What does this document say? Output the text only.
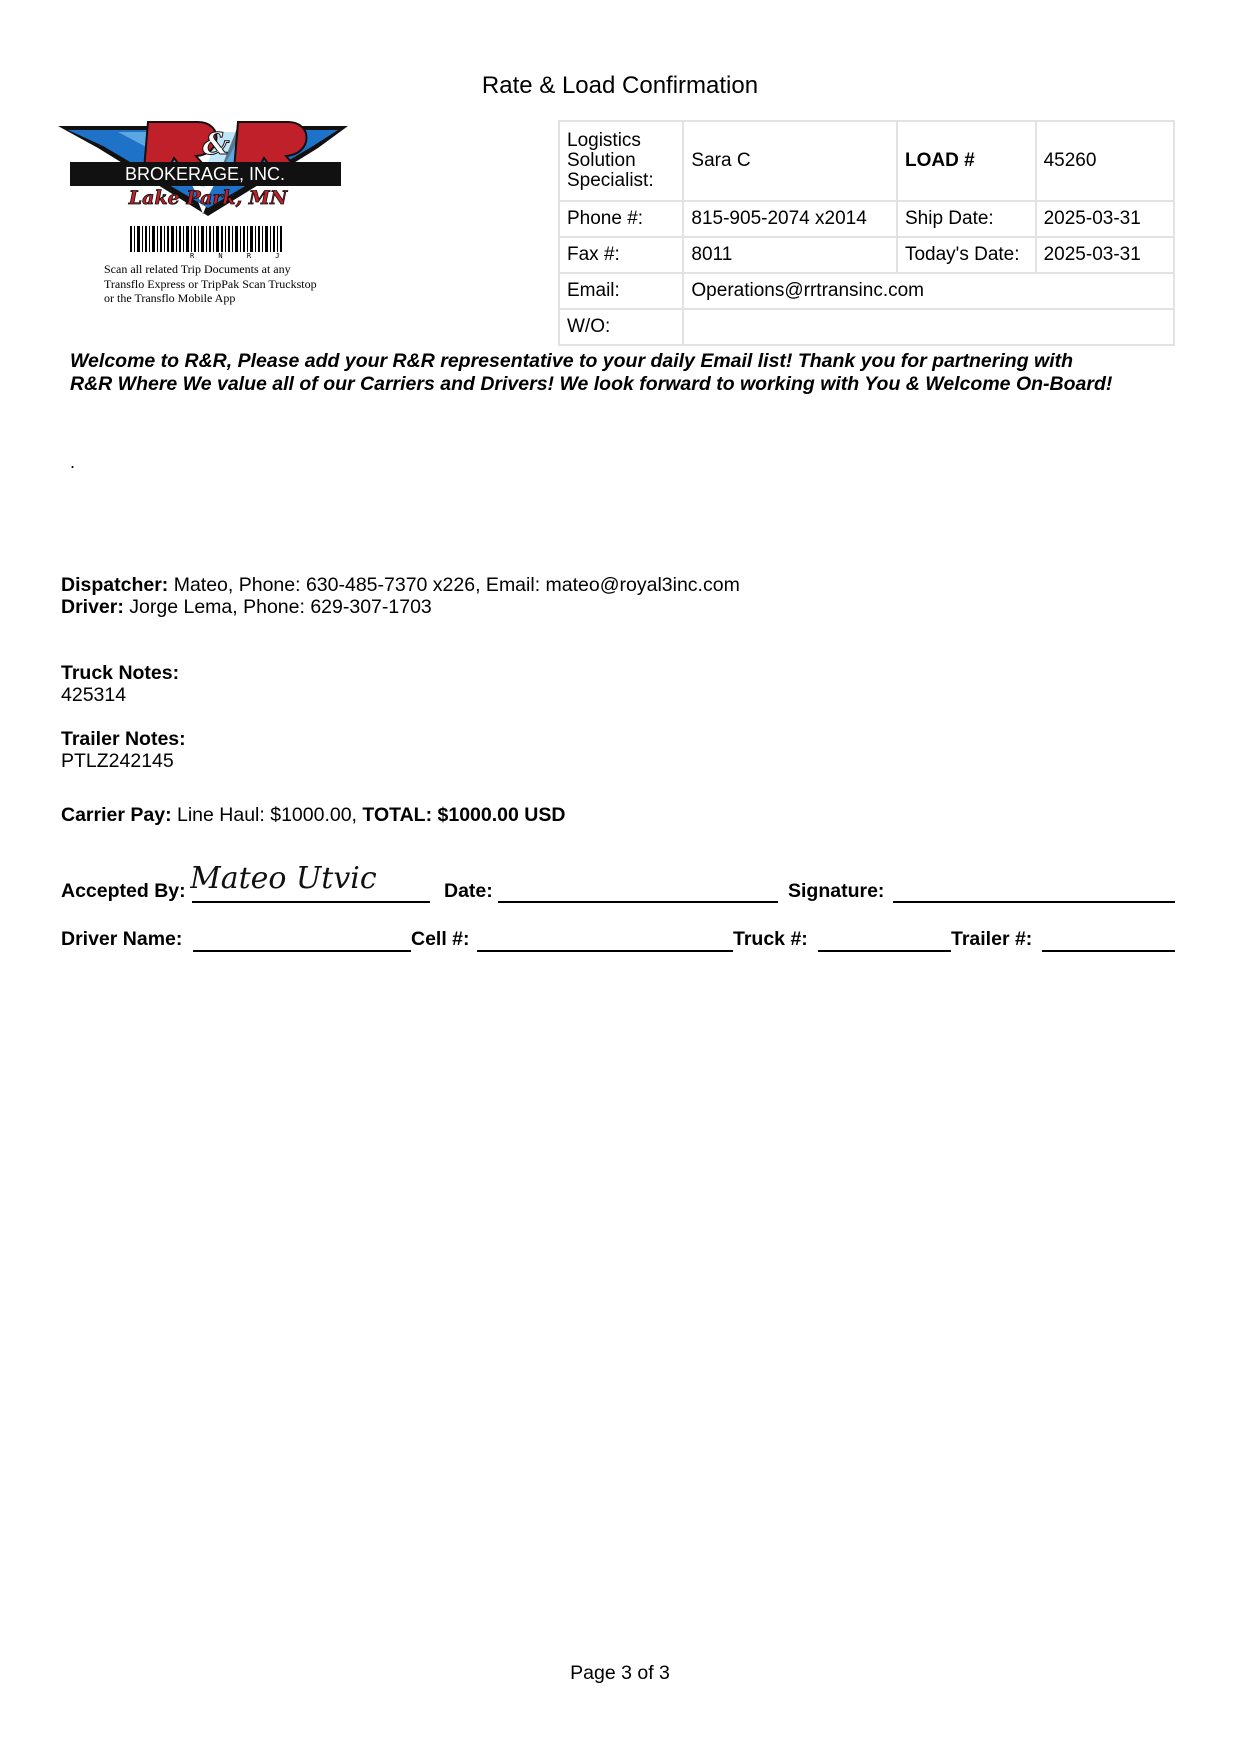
Rate & Load Confirmation
&
BROKERAGE, INC.
Lake Park, MN
R N R J
Scan all related Trip Documents at any
Transflo Express or TripPak Scan Truckstop
or the Transflo Mobile App
Logistics Solution Specialist:	Sara C	LOAD #	45260
Phone #:	815-905-2074 x2014	Ship Date:	2025-03-31
Fax #:	8011	Today's Date:	2025-03-31
Email:	Operations@rrtransinc.com		
W/O:			
Welcome to R&R, Please add your R&R representative to your daily Email list! Thank you for partnering with
R&R Where We value all of our Carriers and Drivers! We look forward to working with You & Welcome On-Board!
.
Dispatcher: Mateo, Phone: 630-485-7370 x226, Email: mateo@royal3inc.com
Driver: Jorge Lema, Phone: 629-307-1703
Truck Notes:
425314
Trailer Notes:
PTLZ242145
Carrier Pay: Line Haul: $1000.00, TOTAL: $1000.00 USD
Accepted By: Mateo Utvic	Date:	Signature:
Driver Name:	Cell #:	Truck #:	Trailer #:
Page 3 of 3
